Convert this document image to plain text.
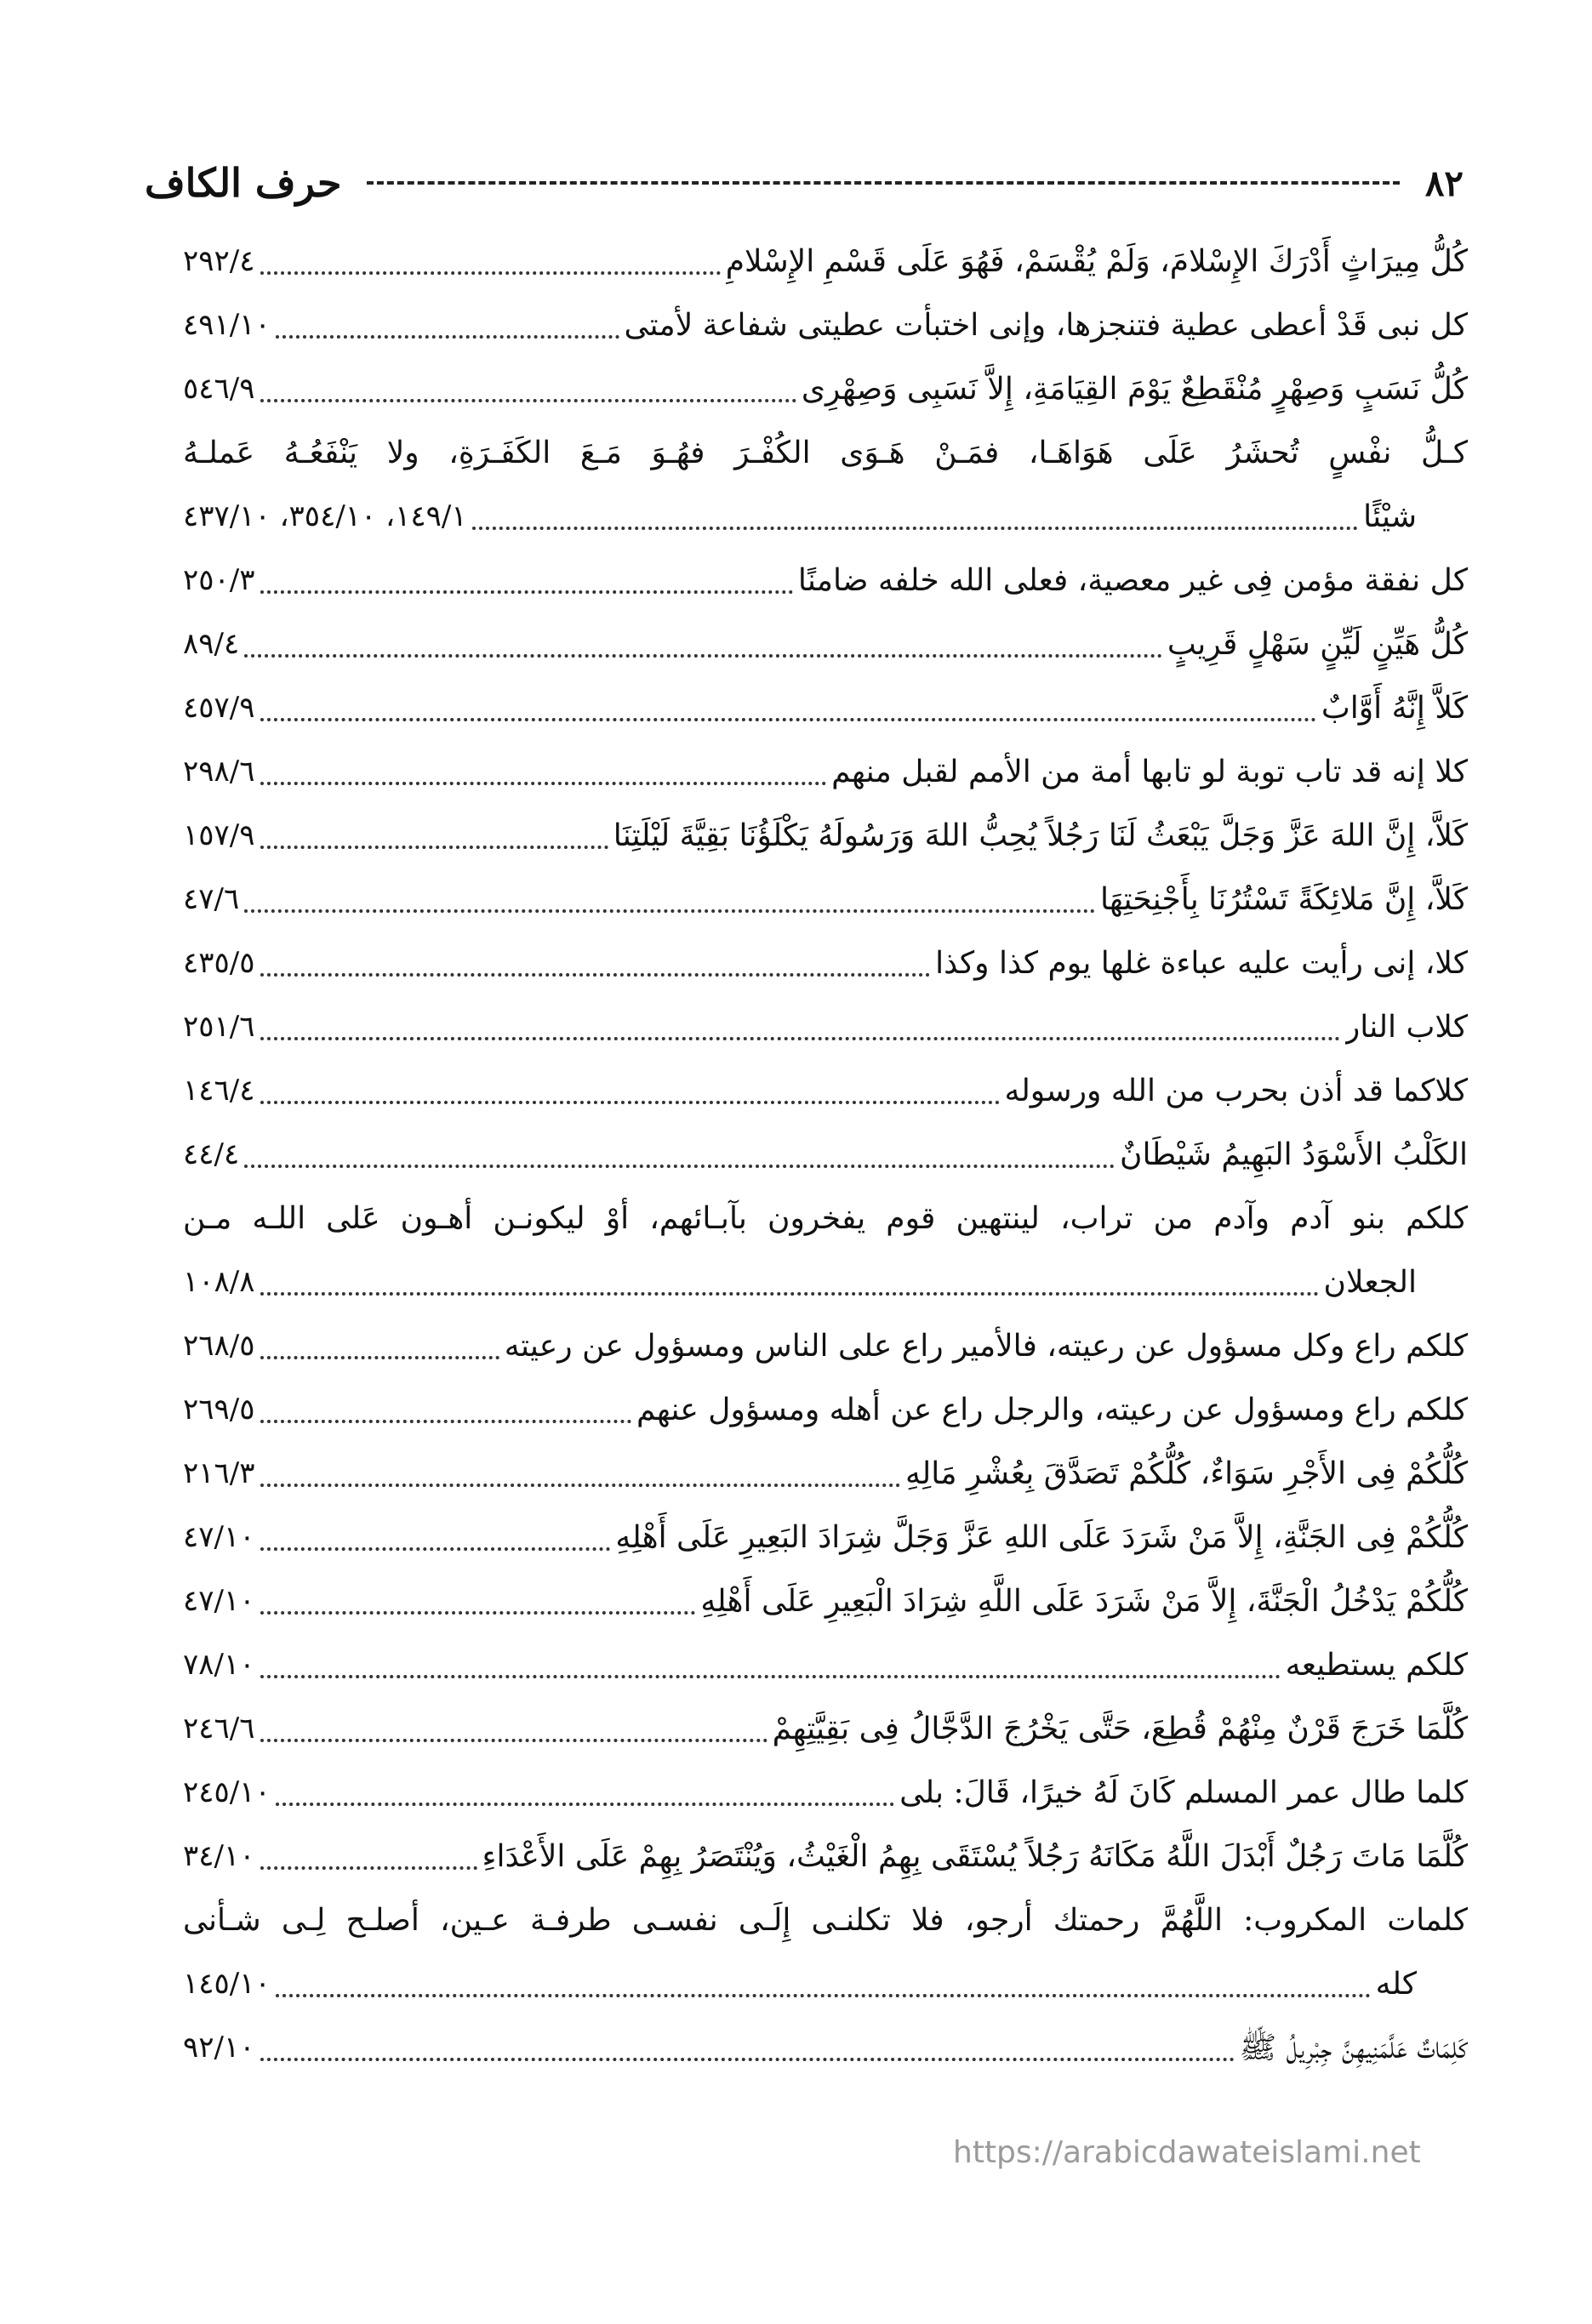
٨٢
حرف الكاف
كُلُّ مِيرَاثٍ أَدْرَكَ الإِسْلامَ، وَلَمْ يُقْسَمْ، فَهُوَ عَلَى قَسْمِ الإِسْلامِ
٢٩٢/٤
كل نبى قَدْ أعطى عطية فتنجزها، وإنى اختبأت عطيتى شفاعة لأمتى
٤٩١/١٠
كُلُّ نَسَبٍ وَصِهْرٍ مُنْقَطِعٌ يَوْمَ القِيَامَةِ، إِلاَّ نَسَبِى وَصِهْرِى
٥٤٦/٩
كـلُّ نفْسٍ تُحشَرُ عَلَى هَوَاهَـا، فمَـنْ هَـوَى الكُفْـرَ فهُـوَ مَـعَ الكَفَـرَةِ، ولا يَنْفَعُـهُ عَملـهُ
شيْئًا
١٤٩/١، ٣٥٤/١٠، ٤٣٧/١٠
كل نفقة مؤمن فِى غير معصية، فعلى الله خلفه ضامنًا
٢٥٠/٣
كُلُّ هَيِّنٍ لَيِّنٍ سَهْلٍ قَرِيبٍ
٨٩/٤
كَلاَّ إِنَّهُ أَوَّابٌ
٤٥٧/٩
كلا إنه قد تاب توبة لو تابها أمة من الأمم لقبل منهم
٢٩٨/٦
كَلاَّ، إِنَّ اللهَ عَزَّ وَجَلَّ يَبْعَثُ لَنَا رَجُلاً يُحِبُّ اللهَ وَرَسُولَهُ يَكْلَؤُنَا بَقِيَّةَ لَيْلَتِنَا
١٥٧/٩
كَلاَّ، إِنَّ مَلائِكَةً تَسْتُرُنَا بِأَجْنِحَتِهَا
٤٧/٦
كلا، إنى رأيت عليه عباءة غلها يوم كذا وكذا
٤٣٥/٥
كلاب النار
٢٥١/٦
كلاكما قد أذن بحرب من الله ورسوله
١٤٦/٤
الكَلْبُ الأَسْوَدُ البَهِيمُ شَيْطَانٌ
٤٤/٤
كلكم بنو آدم وآدم من تراب، لينتهين قوم يفخرون بآبـائهم، أوْ ليكونـن أهـون عَلى اللـه مـن
الجعلان
١٠٨/٨
كلكم راع وكل مسؤول عن رعيته، فالأمير راع على الناس ومسؤول عن رعيته
٢٦٨/٥
كلكم راع ومسؤول عن رعيته، والرجل راع عن أهله ومسؤول عنهم
٢٦٩/٥
كُلُّكُمْ فِى الأَجْرِ سَوَاءٌ، كُلُّكُمْ تَصَدَّقَ بِعُشْرِ مَالِهِ
٢١٦/٣
كُلُّكُمْ فِى الجَنَّةِ، إِلاَّ مَنْ شَرَدَ عَلَى اللهِ عَزَّ وَجَلَّ شِرَادَ البَعِيرِ عَلَى أَهْلِهِ
٤٧/١٠
كُلُّكُمْ يَدْخُلُ الْجَنَّةَ، إِلاَّ مَنْ شَرَدَ عَلَى اللَّهِ شِرَادَ الْبَعِيرِ عَلَى أَهْلِهِ
٤٧/١٠
كلكم يستطيعه
٧٨/١٠
كُلَّمَا خَرَجَ قَرْنٌ مِنْهُمْ قُطِعَ، حَتَّى يَخْرُجَ الدَّجَّالُ فِى بَقِيَّتِهِمْ
٢٤٦/٦
كلما طال عمر المسلم كَانَ لَهُ خيرًا، قَالَ: بلى
٢٤٥/١٠
كُلَّمَا مَاتَ رَجُلٌ أَبْدَلَ اللَّهُ مَكَانَهُ رَجُلاً يُسْتَقَى بِهِمُ الْغَيْثُ، وَيُنْتَصَرُ بِهِمْ عَلَى الأَعْدَاءِ
٣٤/١٠
كلمات المكروب: اللَّهُمَّ رحمتك أرجو، فلا تكلنـى إِلَـى نفسـى طرفـة عـين، أصلـح لِـى شـأنى
كله
١٤٥/١٠
كَلِمَاتٌ عَلَّمَنِيهِنَّ جِبْرِيلُ ﷺ
٩٢/١٠
https://arabicdawateislami.net
